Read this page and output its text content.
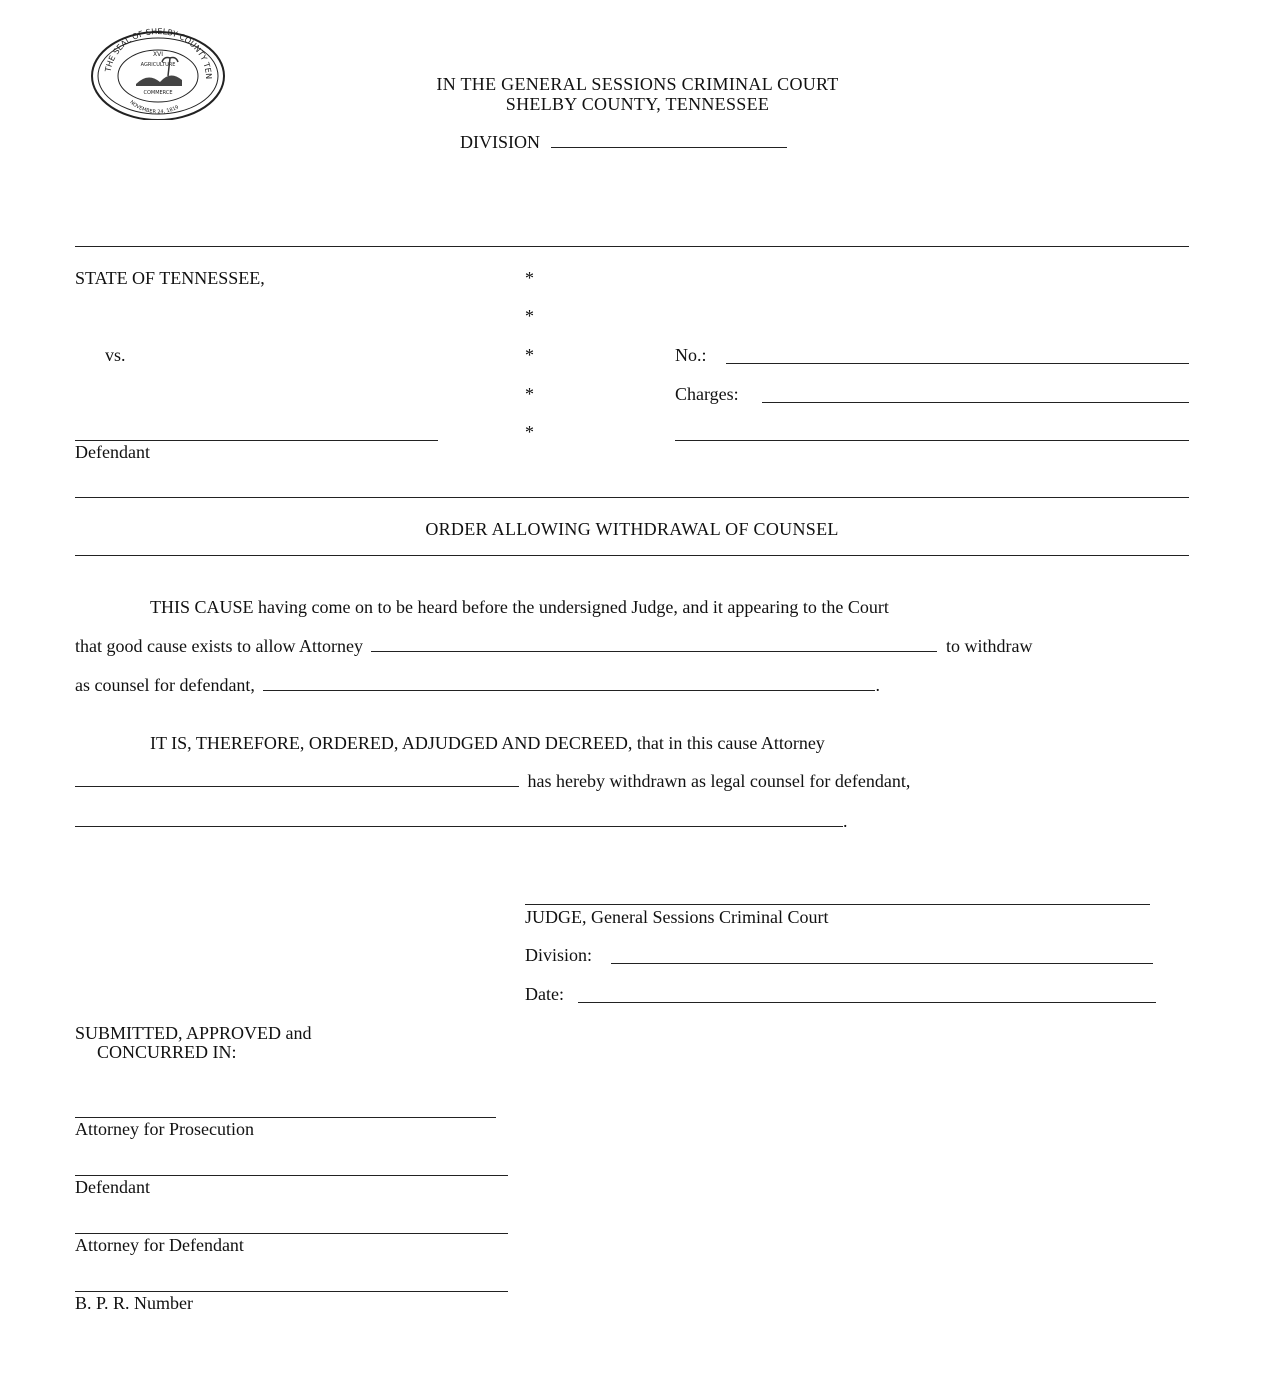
THE SEAL OF SHELBY COUNTY TEN
XVI
AGRICULTURE
COMMERCE
NOVEMBER 24, 1819
IN THE GENERAL SESSIONS CRIMINAL COURT
SHELBY COUNTY, TENNESSEE
DIVISION
STATE OF TENNESSEE,
vs.
Defendant
*
*
*
*
*
No.:
Charges:
ORDER ALLOWING WITHDRAWAL OF COUNSEL
THIS CAUSE having come on to be heard before the undersigned Judge, and it appearing to the Court
that good cause exists to allow Attorney	to withdraw
as counsel for defendant,	.
IT IS, THEREFORE, ORDERED, ADJUDGED AND DECREED, that in this cause Attorney
has hereby withdrawn as legal counsel for defendant,
.
JUDGE, General Sessions Criminal Court
Division:
Date:
SUBMITTED, APPROVED and
CONCURRED IN:
Attorney for Prosecution
Defendant
Attorney for Defendant
B. P. R. Number
